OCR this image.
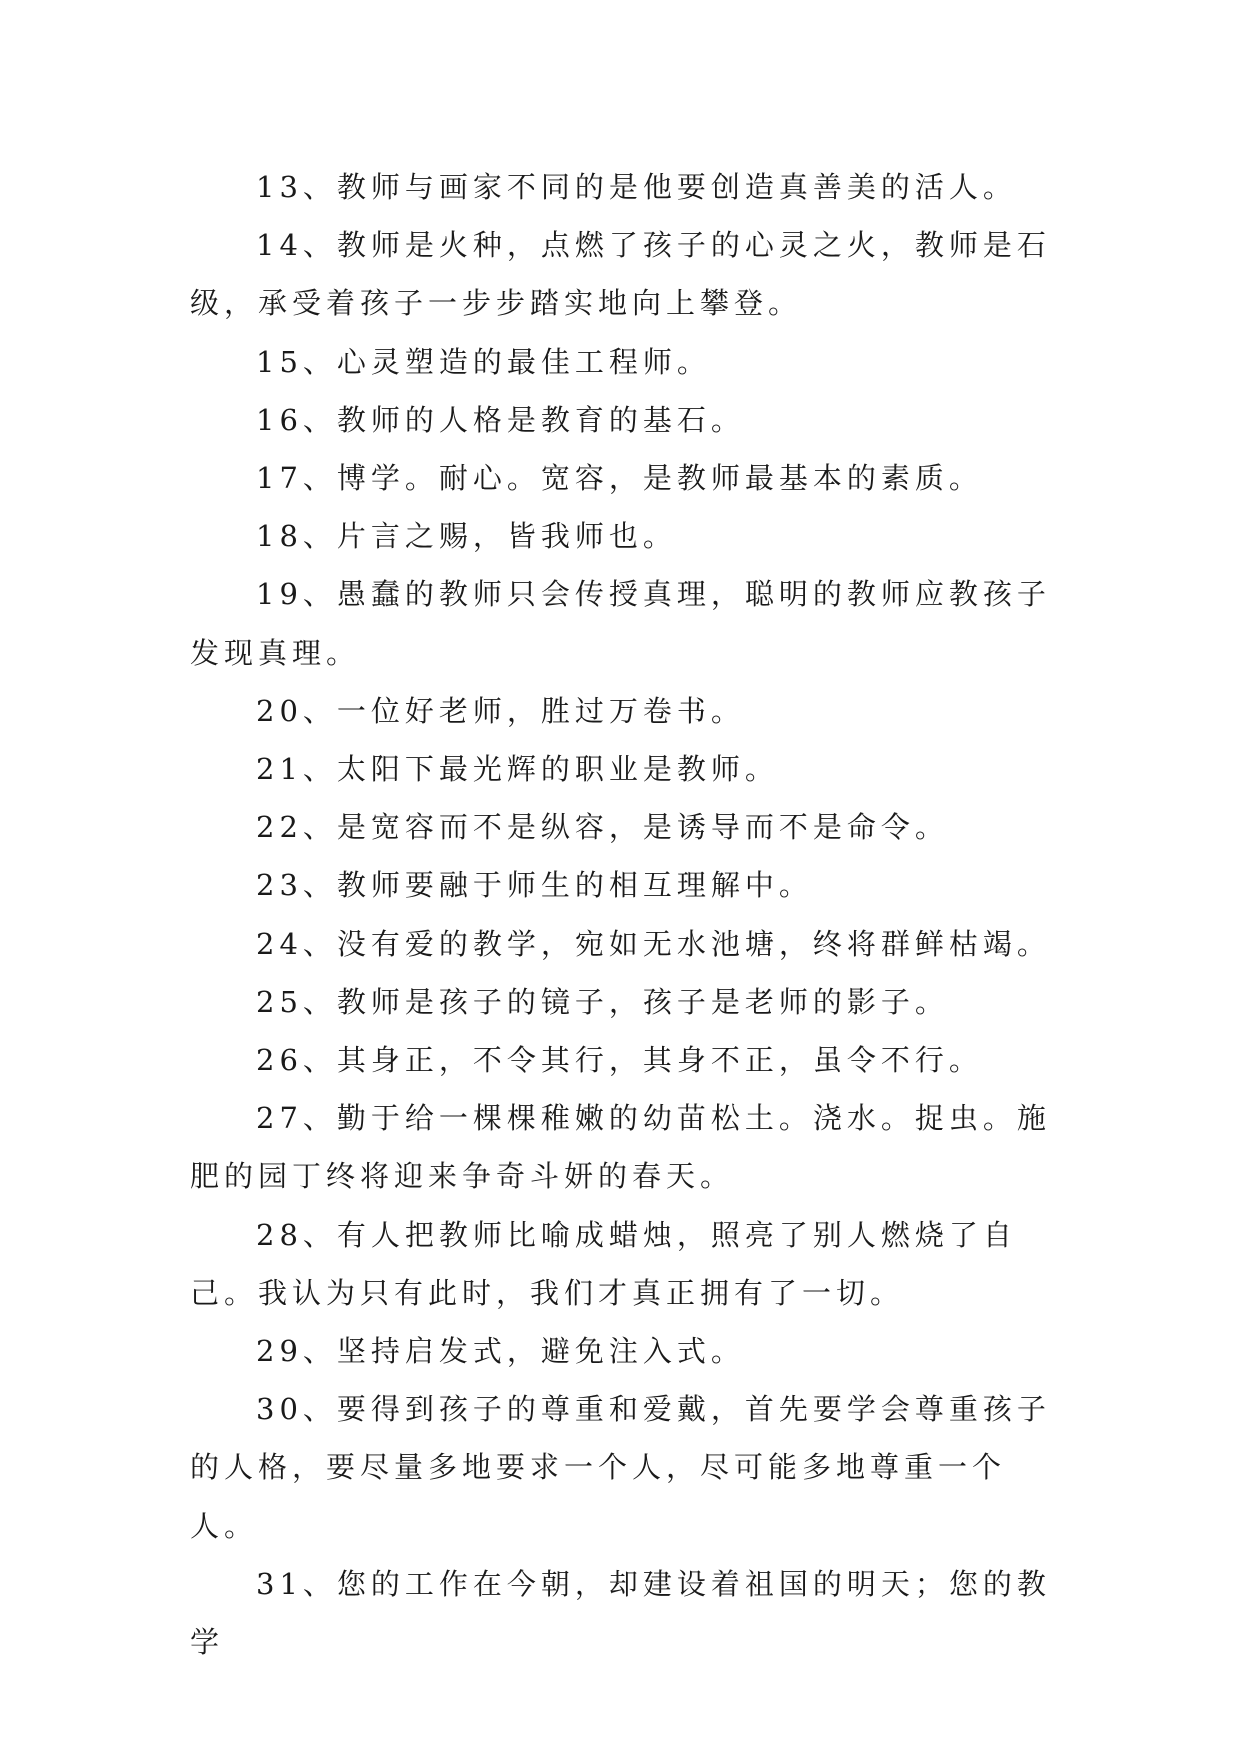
13、教师与画家不同的是他要创造真善美的活人。

14、教师是火种，点燃了孩子的心灵之火，教师是石级，承受着孩子一步步踏实地向上攀登。

15、心灵塑造的最佳工程师。

16、教师的人格是教育的基石。

17、博学。耐心。宽容，是教师最基本的素质。

18、片言之赐，皆我师也。

19、愚蠢的教师只会传授真理，聪明的教师应教孩子发现真理。

20、一位好老师，胜过万卷书。

21、太阳下最光辉的职业是教师。

22、是宽容而不是纵容，是诱导而不是命令。

23、教师要融于师生的相互理解中。

24、没有爱的教学，宛如无水池塘，终将群鲜枯竭。

25、教师是孩子的镜子，孩子是老师的影子。

26、其身正，不令其行，其身不正，虽令不行。

27、勤于给一棵棵稚嫩的幼苗松土。浇水。捉虫。施肥的园丁终将迎来争奇斗妍的春天。

28、有人把教师比喻成蜡烛，照亮了别人燃烧了自己。我认为只有此时，我们才真正拥有了一切。

29、坚持启发式，避免注入式。

30、要得到孩子的尊重和爱戴，首先要学会尊重孩子的人格，要尽量多地要求一个人，尽可能多地尊重一个人。

31、您的工作在今朝，却建设着祖国的明天；您的教学
